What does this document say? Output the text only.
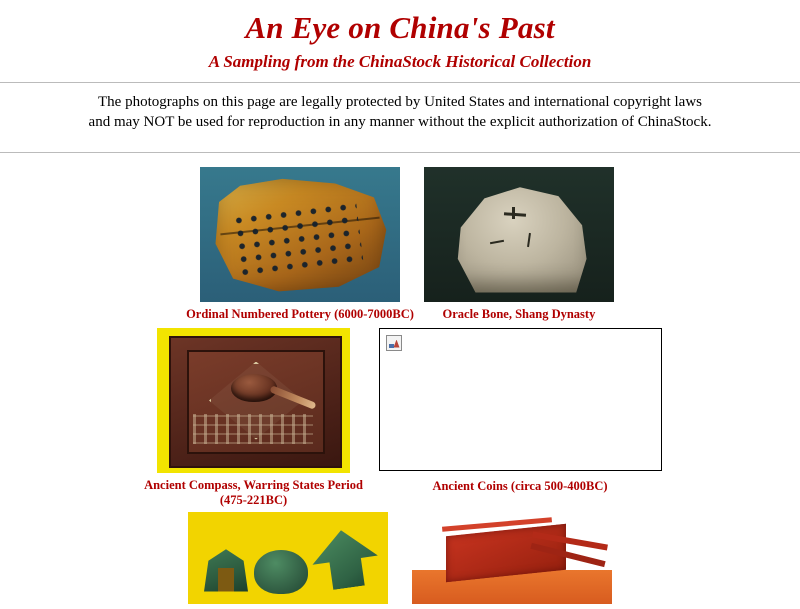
An Eye on China's Past
A Sampling from the ChinaStock Historical Collection
The photographs on this page are legally protected by United States and international copyright laws
and may NOT be used for reproduction in any manner without the explicit authorization of ChinaStock.
Ordinal Numbered Pottery (6000-7000BC) Oracle Bone, Shang Dynasty
Ancient Compass, Warring States Period (475-221BC)
Ancient Coins (circa 500-400BC)
